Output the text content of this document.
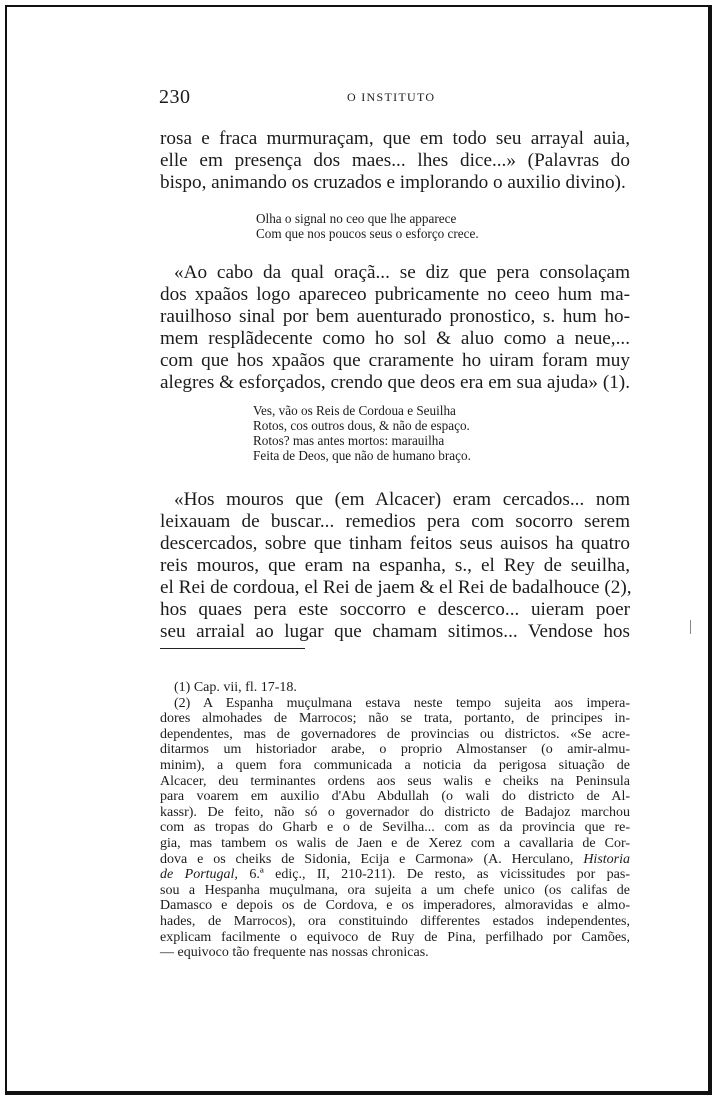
230	O INSTITUTO
rosa e fraca murmuraçam, que em todo seu arrayal auia,
elle em presença dos maes... lhes dice...» (Palavras do
bispo, animando os cruzados e implorando o auxilio divino).
Olha o signal no ceo que lhe apparece
Com que nos poucos seus o esforço crece.
«Ao cabo da qual oraçã... se diz que pera consolaçam
dos xpaãos logo apareceo pubricamente no ceeo hum ma-
rauilhoso sinal por bem auenturado pronostico, s. hum ho-
mem resplãdecente como ho sol & aluo como a neue,...
com que hos xpaãos que craramente ho uiram foram muy
alegres & esforçados, crendo que deos era em sua ajuda» (1).
Ves, vão os Reis de Cordoua e Seuilha
Rotos, cos outros dous, & não de espaço.
Rotos? mas antes mortos: marauilha
Feita de Deos, que não de humano braço.
«Hos mouros que (em Alcacer) eram cercados... nom
leixauam de buscar... remedios pera com socorro serem
descercados, sobre que tinham feitos seus auisos ha quatro
reis mouros, que eram na espanha, s., el Rey de seuilha,
el Rei de cordoua, el Rei de jaem & el Rei de badalhouce (2),
hos quaes pera este soccorro e descerco... uieram poer
seu arraial ao lugar que chamam sitimos... Vendose hos
(1) Cap. vii, fl. 17-18.
(2) A Espanha muçulmana estava neste tempo sujeita aos impera-
dores almohades de Marrocos; não se trata, portanto, de principes in-
dependentes, mas de governadores de provincias ou districtos. «Se acre-
ditarmos um historiador arabe, o proprio Almostanser (o amir-almu-
minim), a quem fora communicada a noticia da perigosa situação de
Alcacer, deu terminantes ordens aos seus walis e cheiks na Peninsula
para voarem em auxilio d'Abu Abdullah (o wali do districto de Al-
kassr). De feito, não só o governador do districto de Badajoz marchou
com as tropas do Gharb e o de Sevilha... com as da provincia que re-
gia, mas tambem os walis de Jaen e de Xerez com a cavallaria de Cor-
dova e os cheiks de Sidonia, Ecija e Carmona» (A. Herculano, Historia
de Portugal, 6.ª ediç., II, 210-211). De resto, as vicissitudes por pas-
sou a Hespanha muçulmana, ora sujeita a um chefe unico (os califas de
Damasco e depois os de Cordova, e os imperadores, almoravidas e almo-
hades, de Marrocos), ora constituindo differentes estados independentes,
explicam facilmente o equivoco de Ruy de Pina, perfilhado por Camões,
— equivoco tão frequente nas nossas chronicas.
